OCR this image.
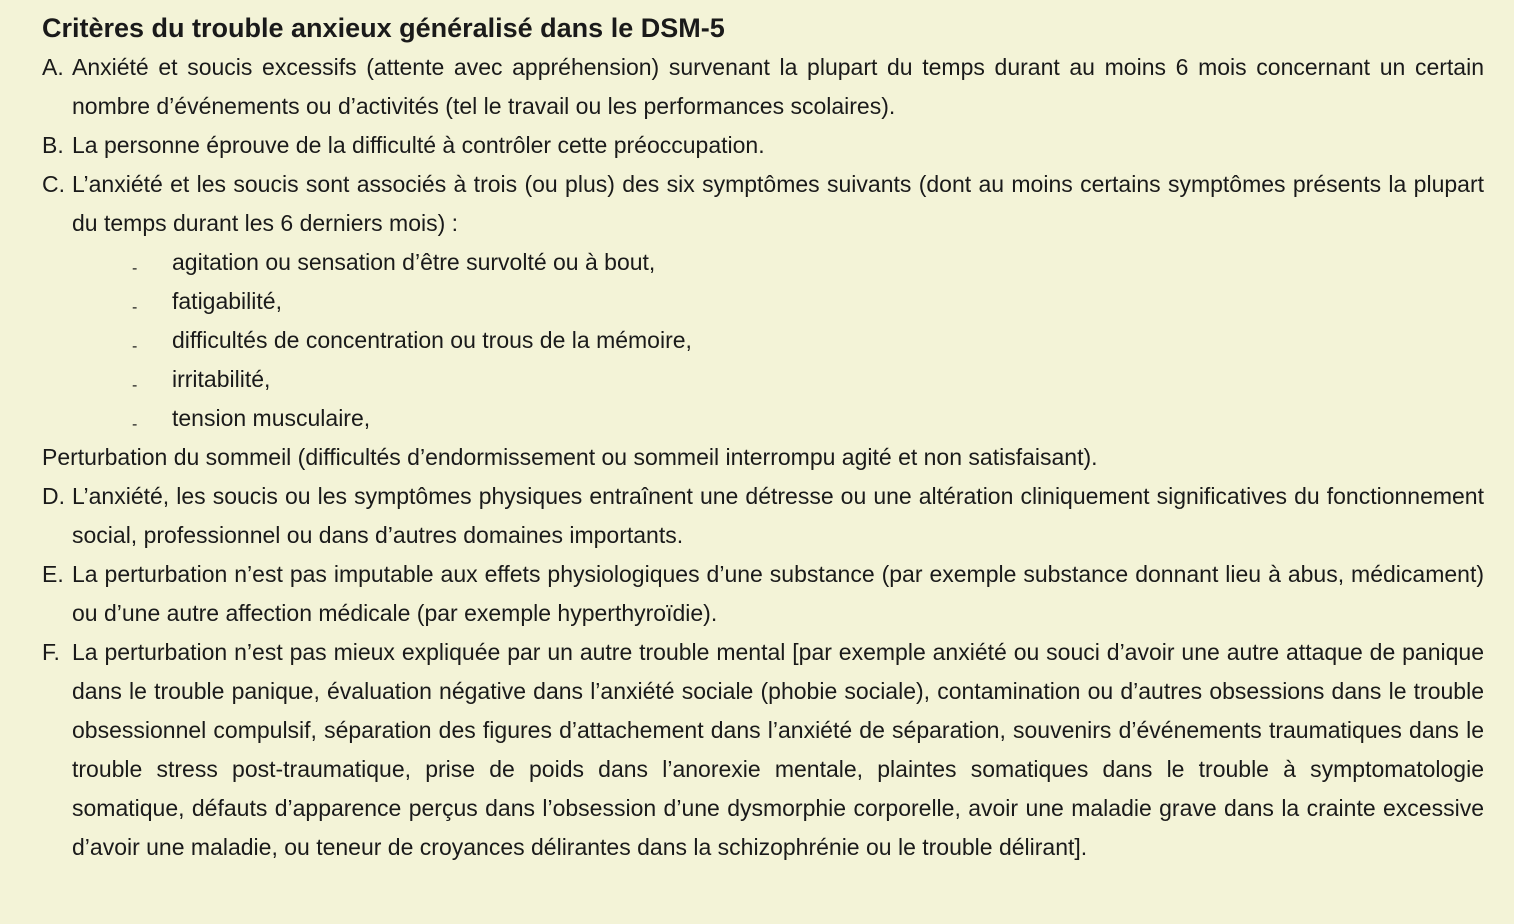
Critères du trouble anxieux généralisé dans le DSM-5
A. Anxiété et soucis excessifs (attente avec appréhension) survenant la plupart du temps durant au moins 6 mois concernant un certain nombre d’événements ou d’activités (tel le travail ou les performances scolaires).
B. La personne éprouve de la difficulté à contrôler cette préoccupation.
C. L’anxiété et les soucis sont associés à trois (ou plus) des six symptômes suivants (dont au moins certains symptômes présents la plupart du temps durant les 6 derniers mois) :
-	agitation ou sensation d’être survolté ou à bout,
-	fatigabilité,
-	difficultés de concentration ou trous de la mémoire,
-	irritabilité,
-	tension musculaire,
Perturbation du sommeil (difficultés d’endormissement ou sommeil interrompu agité et non satisfaisant).
D. L’anxiété, les soucis ou les symptômes physiques entraînent une détresse ou une altération cliniquement significatives du fonctionnement social, professionnel ou dans d’autres domaines importants.
E. La perturbation n’est pas imputable aux effets physiologiques d’une substance (par exemple substance donnant lieu à abus, médicament) ou d’une autre affection médicale (par exemple hyperthyroïdie).
F. La perturbation n’est pas mieux expliquée par un autre trouble mental [par exemple anxiété ou souci d’avoir une autre attaque de panique dans le trouble panique, évaluation négative dans l’anxiété sociale (phobie sociale), contamination ou d’autres obsessions dans le trouble obsessionnel compulsif, séparation des figures d’attachement dans l’anxiété de séparation, souvenirs d’événements traumatiques dans le trouble stress post-traumatique, prise de poids dans l’anorexie mentale, plaintes somatiques dans le trouble à symptomatologie somatique, défauts d’apparence perçus dans l’obsession d’une dysmorphie corporelle, avoir une maladie grave dans la crainte excessive d’avoir une maladie, ou teneur de croyances délirantes dans la schizophrénie ou le trouble délirant].
